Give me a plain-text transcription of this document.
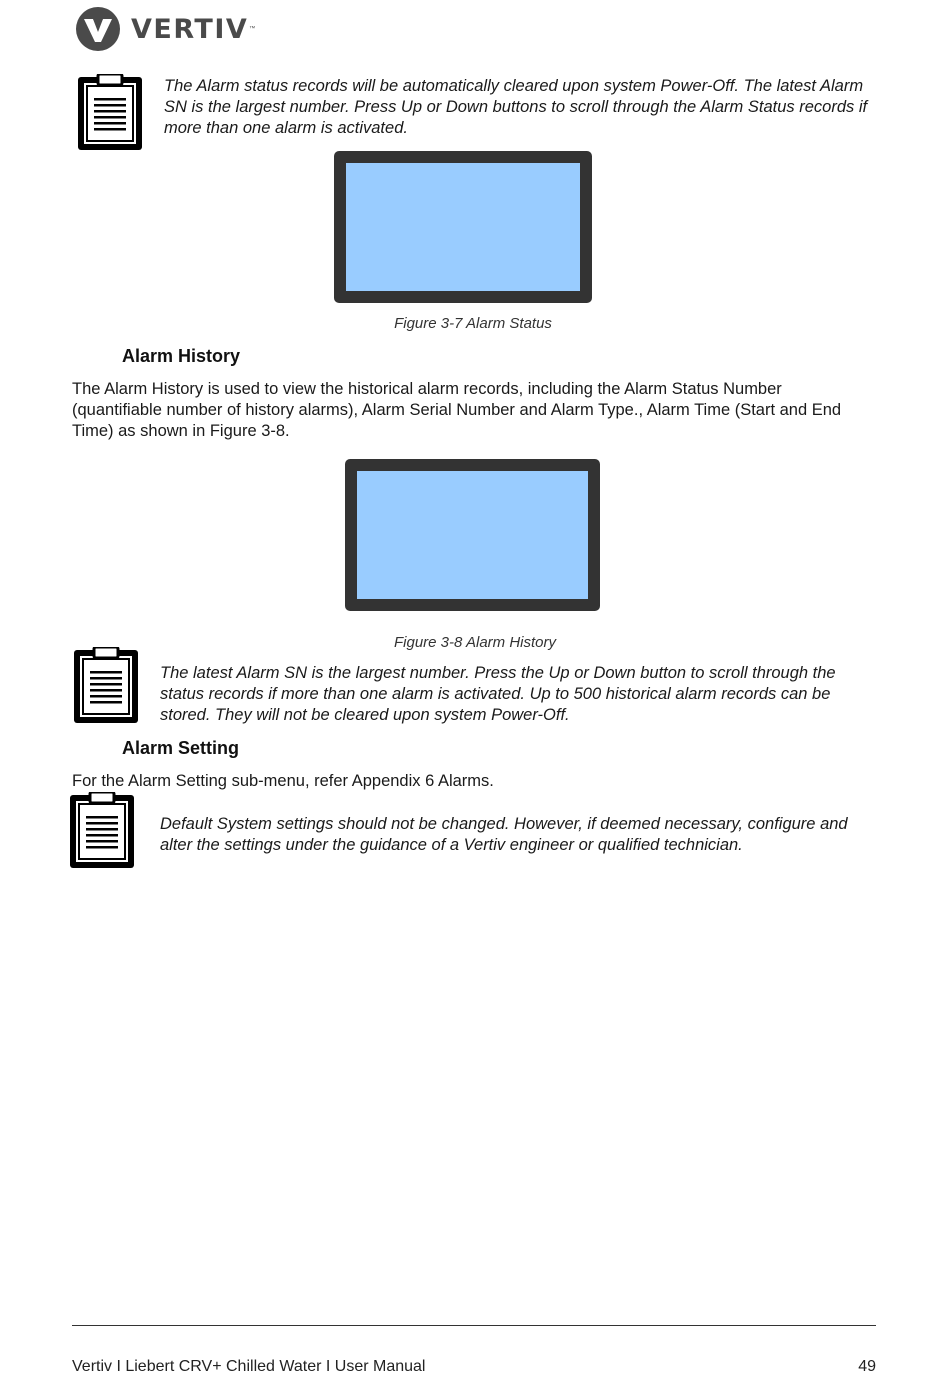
VERTIV ™
The Alarm status records will be automatically cleared upon system Power-Off. The latest Alarm SN is the largest number. Press Up or Down buttons to scroll through the Alarm Status records if more than one alarm is activated.
Figure 3-7 Alarm Status
Alarm History
The Alarm History is used to view the historical alarm records, including the Alarm Status Number (quantifiable number of history alarms), Alarm Serial Number and Alarm Type., Alarm Time (Start and End Time) as shown in Figure 3-8.
Figure 3-8 Alarm History
The latest Alarm SN is the largest number. Press the Up or Down button to scroll through the status records if more than one alarm is activated. Up to 500 historical alarm records can be stored. They will not be cleared upon system Power-Off.
Alarm Setting
For the Alarm Setting sub-menu, refer Appendix 6 Alarms.
Default System settings should not be changed. However, if deemed necessary, configure and alter the settings under the guidance of a Vertiv engineer or qualified technician.
Vertiv I Liebert CRV+ Chilled Water I User Manual	49
